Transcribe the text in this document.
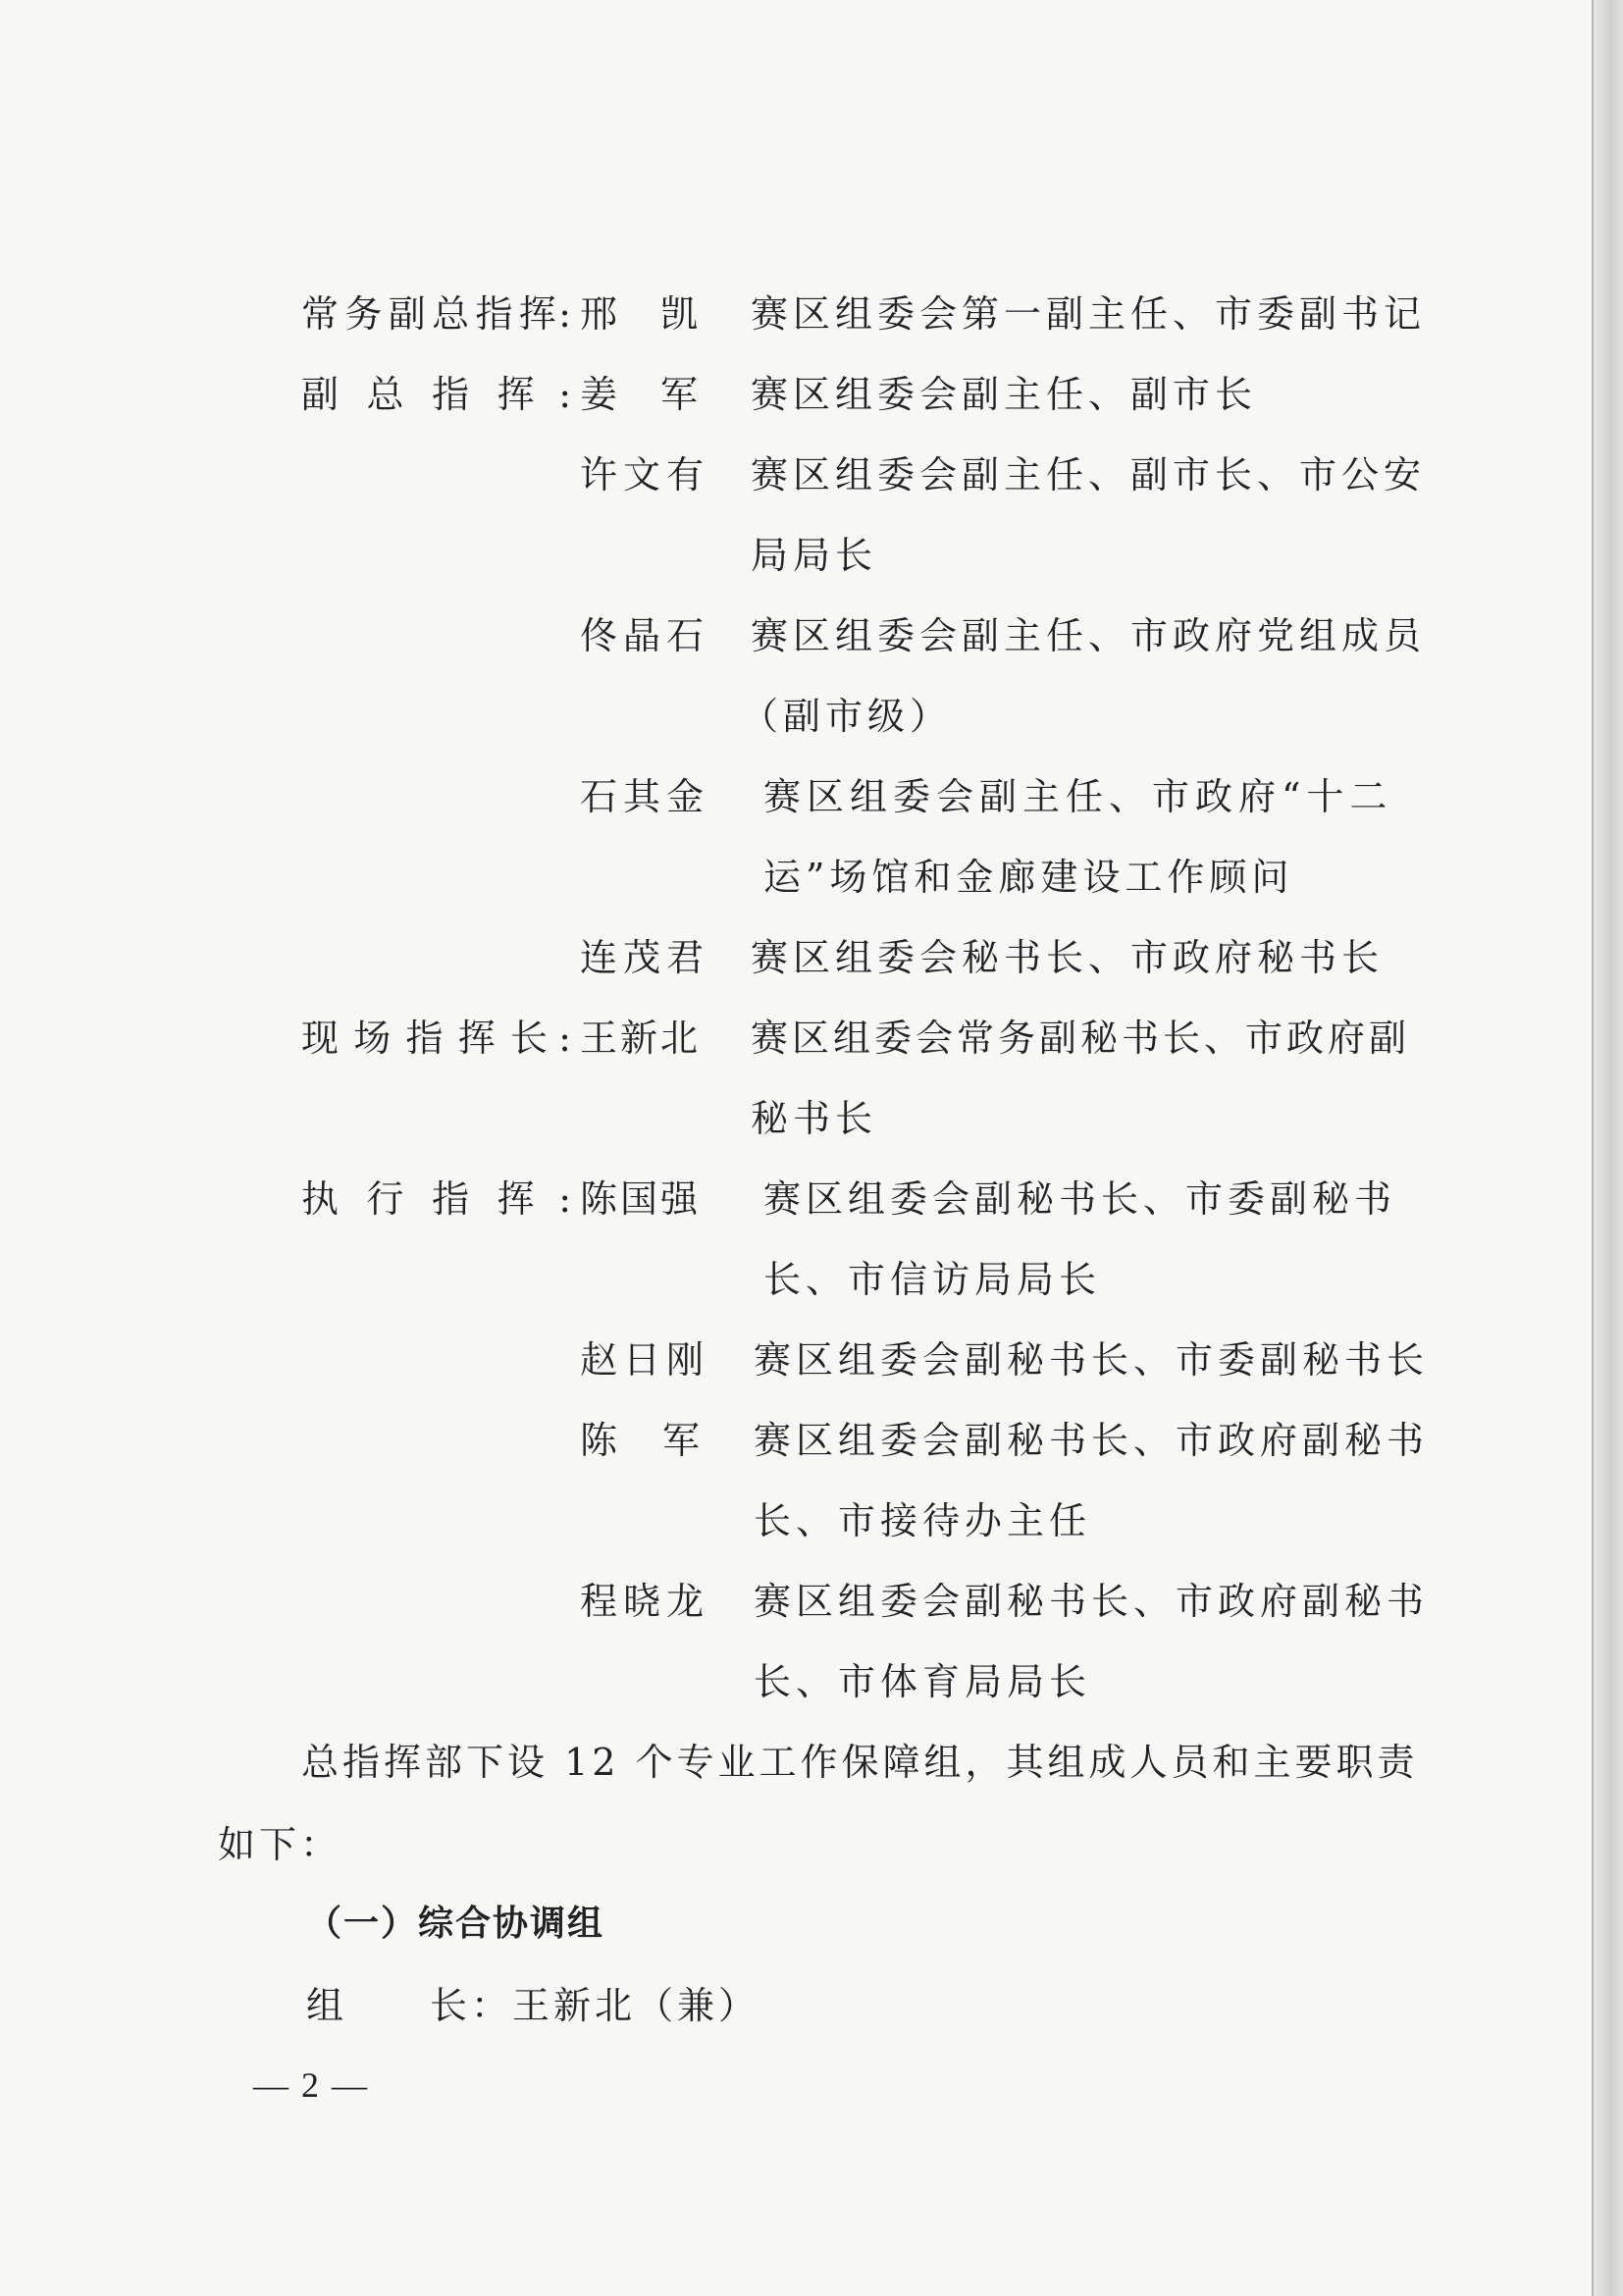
常 务 副 总 指 挥 : 邢　凯 赛区组委会第一副主任、市委副书记
副 总 指 挥 : 姜　军 赛区组委会副主任、副市长
许文有 赛区组委会副主任、副市长、市公安
局局长
佟晶石 赛区组委会副主任、市政府党组成员
（副市级）
石其金 赛区组委会副主任、市政府“十二
运”场馆和金廊建设工作顾问
连茂君 赛区组委会秘书长、市政府秘书长
现 场 指 挥 长 : 王新北 赛区组委会常务副秘书长、市政府副
秘书长
执 行 指 挥 : 陈国强 赛区组委会副秘书长、市委副秘书
长、市信访局局长
赵日刚 赛区组委会副秘书长、市委副秘书长
陈　军 赛区组委会副秘书长、市政府副秘书
长、市接待办主任
程晓龙 赛区组委会副秘书长、市政府副秘书
长、市体育局局长
总指挥部下设 12 个专业工作保障组，其组成人员和主要职责
如下：
（一）综合协调组
组　　长：王新北（兼）
— 2 —
